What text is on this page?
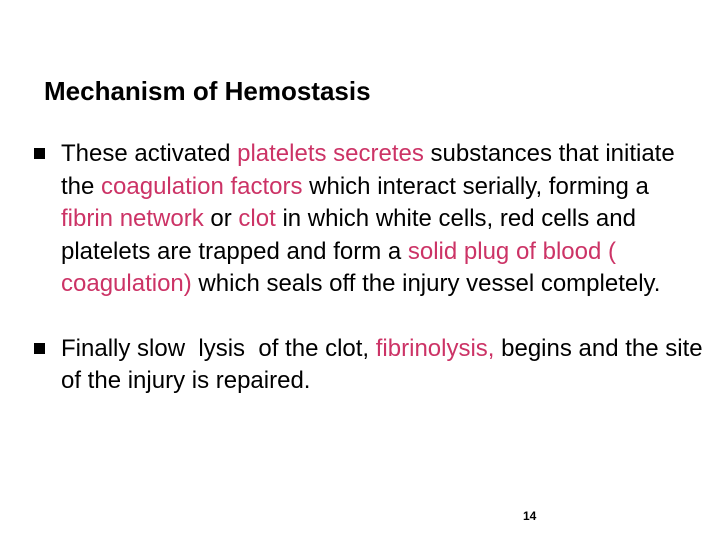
Mechanism of Hemostasis
These activated platelets secretes substances that initiate the coagulation factors which interact serially, forming a fibrin network or clot in which white cells, red cells and platelets are trapped and form a solid plug of blood ( coagulation) which seals off the injury vessel completely.
Finally slow  lysis  of the clot, fibrinolysis, begins and the site of the injury is repaired.
14
